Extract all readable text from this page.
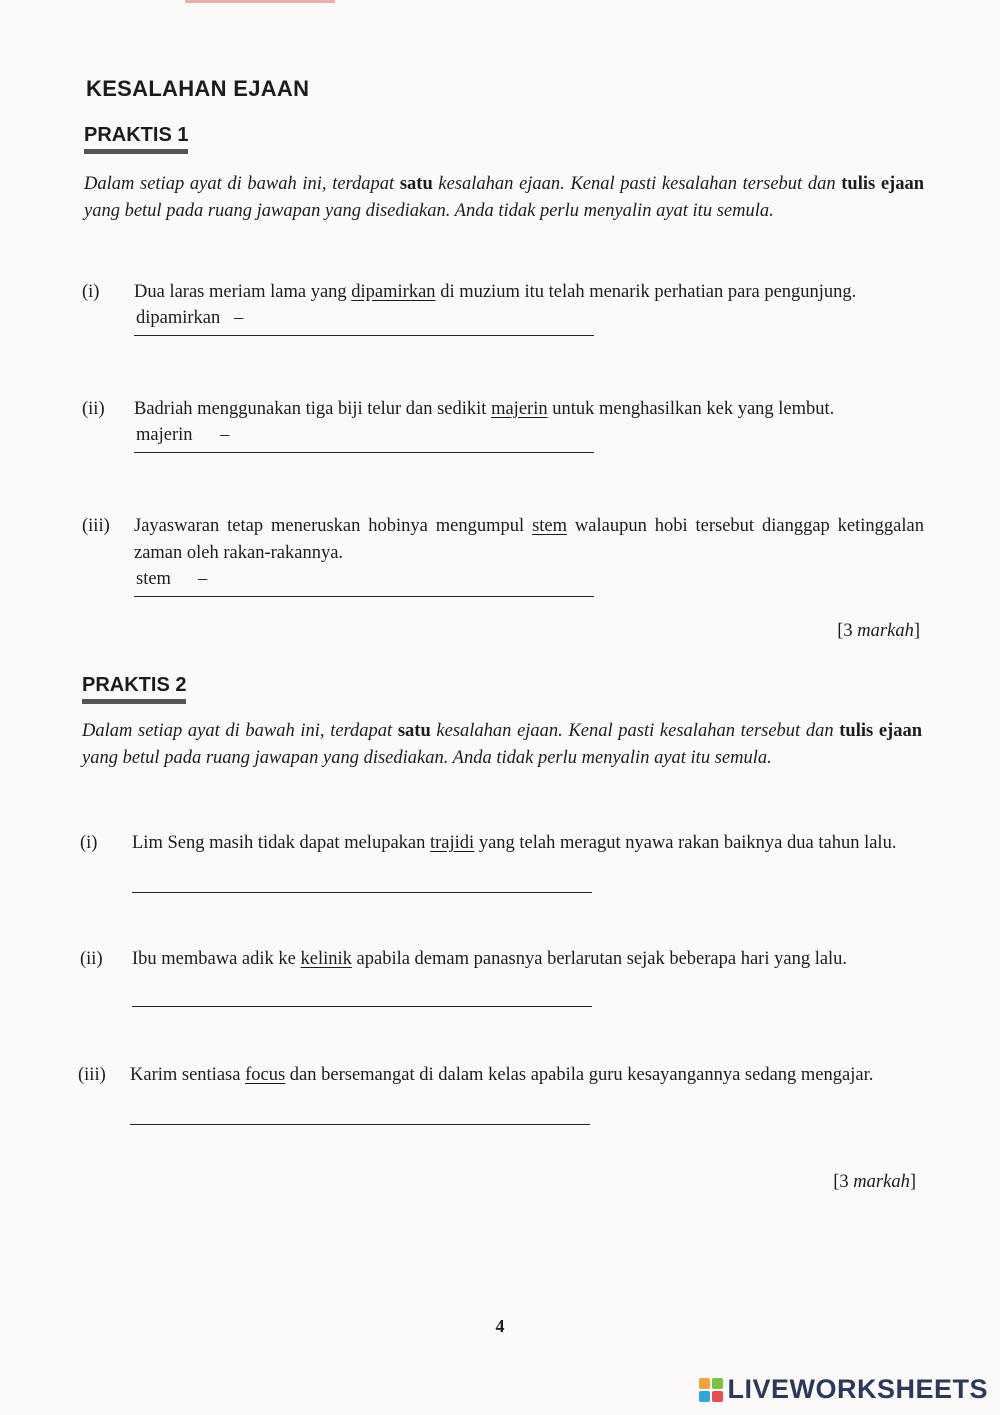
KESALAHAN EJAAN
PRAKTIS 1

Dalam setiap ayat di bawah ini, terdapat satu kesalahan ejaan. Kenal pasti kesalahan tersebut dan tulis ejaan yang betul pada ruang jawapan yang disediakan. Anda tidak perlu menyalin ayat itu semula.

(i) Dua laras meriam lama yang dipamirkan di muzium itu telah menarik perhatian para pengunjung.
dipamirkan –
(ii) Badriah menggunakan tiga biji telur dan sedikit majerin untuk menghasilkan kek yang lembut.
majerin –
(iii) Jayaswaran tetap meneruskan hobinya mengumpul stem walaupun hobi tersebut dianggap ketinggalan zaman oleh rakan-rakannya.
stem –
[3 markah]
PRAKTIS 2

Dalam setiap ayat di bawah ini, terdapat satu kesalahan ejaan. Kenal pasti kesalahan tersebut dan tulis ejaan yang betul pada ruang jawapan yang disediakan. Anda tidak perlu menyalin ayat itu semula.

(i) Lim Seng masih tidak dapat melupakan trajidi yang telah meragut nyawa rakan baiknya dua tahun lalu.
(ii) Ibu membawa adik ke kelinik apabila demam panasnya berlarutan sejak beberapa hari yang lalu.
(iii) Karim sentiasa focus dan bersemangat di dalam kelas apabila guru kesayangannya sedang mengajar.
[3 markah]
4
LIVEWORKSHEETS
